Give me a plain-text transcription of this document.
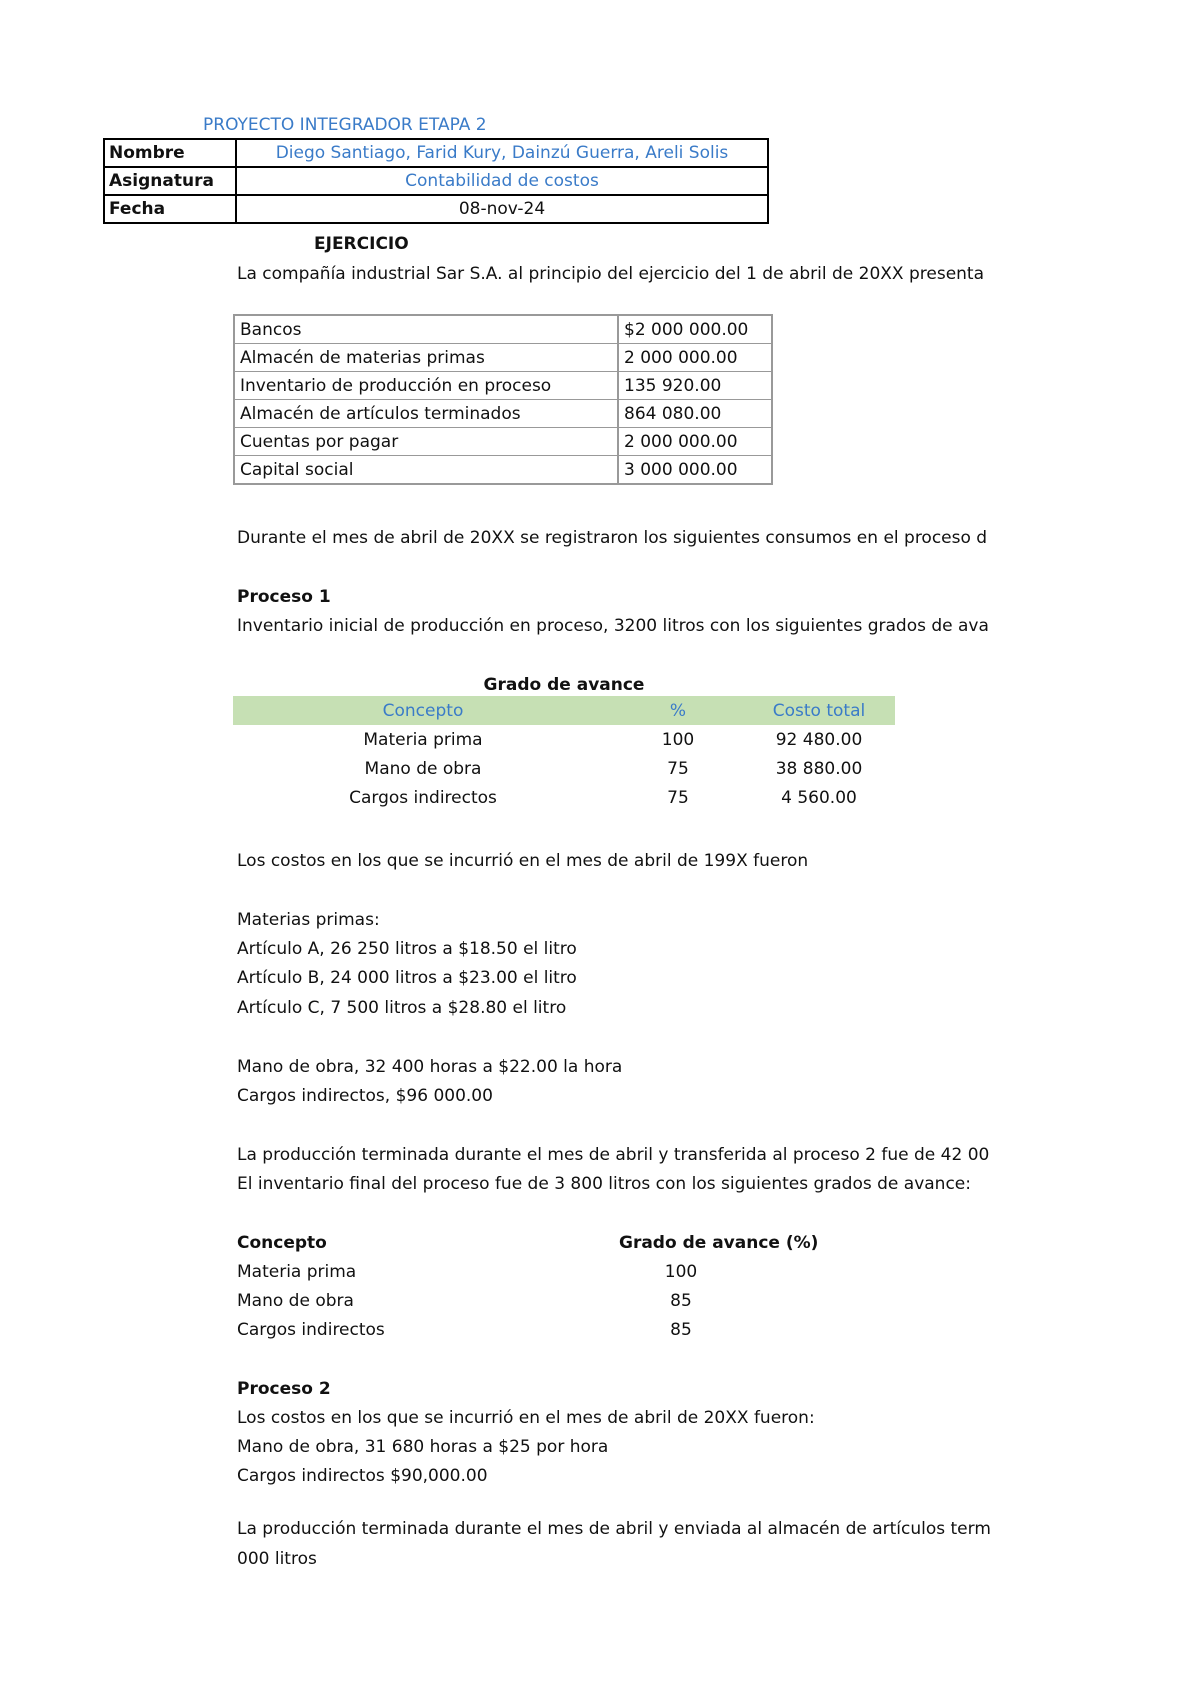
PROYECTO INTEGRADOR ETAPA 2
Nombre	Diego Santiago, Farid Kury, Dainzú Guerra, Areli Solis
Asignatura	Contabilidad de costos
Fecha	08-nov-24
EJERCICIO
La compañía industrial Sar S.A. al principio del ejercicio del 1 de abril de 20XX presenta
Bancos	$2 000 000.00
Almacén de materias primas	2 000 000.00
Inventario de producción en proceso	135 920.00
Almacén de artículos terminados	864 080.00
Cuentas por pagar	2 000 000.00
Capital social	3 000 000.00
Durante el mes de abril de 20XX se registraron los siguientes consumos en el proceso d
Proceso 1
Inventario inicial de producción en proceso, 3200 litros con los siguientes grados de ava
Grado de avance
Concepto	%	Costo total
Materia prima	100	92 480.00
Mano de obra	75	38 880.00
Cargos indirectos	75	4 560.00
Los costos en los que se incurrió en el mes de abril de 199X fueron
Materias primas:
Artículo A, 26 250 litros a $18.50 el litro
Artículo B, 24 000 litros a $23.00 el litro
Artículo C, 7 500 litros a $28.80 el litro
Mano de obra, 32 400 horas a $22.00 la hora
Cargos indirectos, $96 000.00
La producción terminada durante el mes de abril y transferida al proceso 2 fue de 42 00
El inventario final del proceso fue de 3 800 litros con los siguientes grados de avance:
Concepto	Grado de avance (%)
Materia prima	100
Mano de obra	85
Cargos indirectos	85
Proceso 2
Los costos en los que se incurrió en el mes de abril de 20XX fueron:
Mano de obra, 31 680 horas a $25 por hora
Cargos indirectos $90,000.00
La producción terminada durante el mes de abril y enviada al almacén de artículos term
000 litros
